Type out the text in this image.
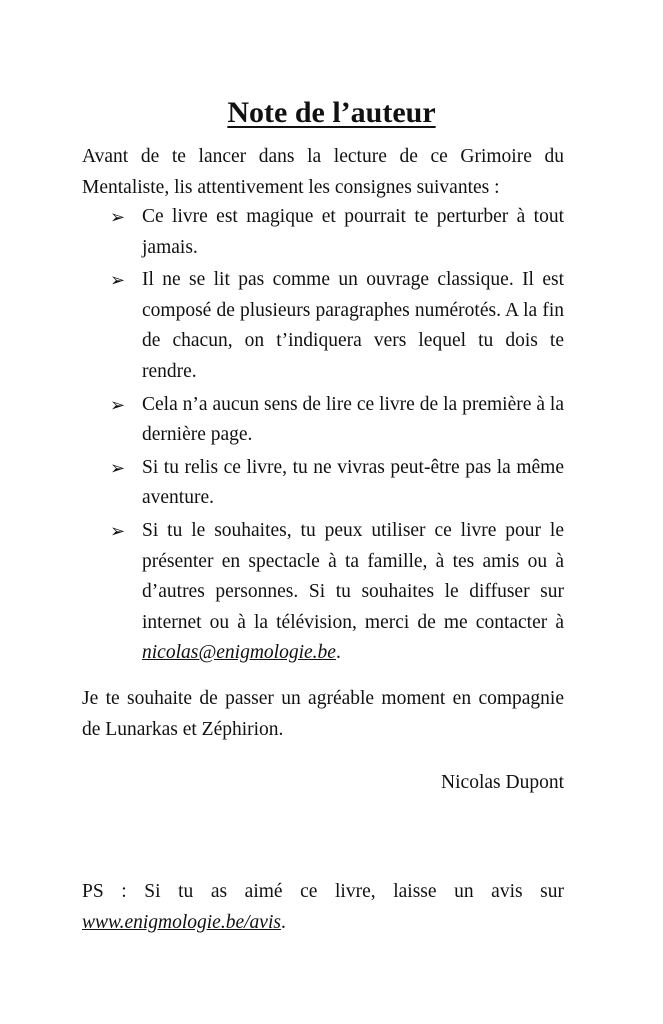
Note de l’auteur

Avant de te lancer dans la lecture de ce Grimoire du Mentaliste, lis attentivement les consignes suivantes :

➢ Ce livre est magique et pourrait te perturber à tout jamais.
➢ Il ne se lit pas comme un ouvrage classique. Il est composé de plusieurs paragraphes numérotés. A la fin de chacun, on t’indiquera vers lequel tu dois te rendre.
➢ Cela n’a aucun sens de lire ce livre de la première à la dernière page.
➢ Si tu relis ce livre, tu ne vivras peut-être pas la même aventure.
➢ Si tu le souhaites, tu peux utiliser ce livre pour le présenter en spectacle à ta famille, à tes amis ou à d’autres personnes. Si tu souhaites le diffuser sur internet ou à la télévision, merci de me contacter à nicolas@enigmologie.be.

Je te souhaite de passer un agréable moment en compagnie de Lunarkas et Zéphirion.

Nicolas Dupont

PS : Si tu as aimé ce livre, laisse un avis sur
www.enigmologie.be/avis.
